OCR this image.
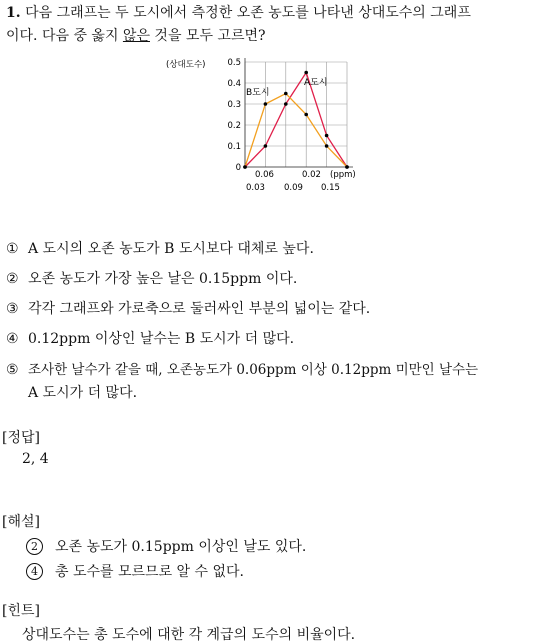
1. 다음 그래프는 두 도시에서 측정한 오존 농도를 나타낸 상대도수의 그래프
이다. 다음 중 옳지 않은 것을 모두 고르면?
(상대도수)
0
0.1
0.2
0.3
0.4
0.5
(ppm)
0.06	0.02
0.03 0.09 0.15
A도시
B도시
① A 도시의 오존 농도가 B 도시보다 대체로 높다.
② 오존 농도가 가장 높은 날은 0.15ppm 이다.
③ 각각 그래프와 가로축으로 둘러싸인 부분의 넓이는 같다.
④ 0.12ppm 이상인 날수는 B 도시가 더 많다.
⑤ 조사한 날수가 같을 때, 오존농도가 0.06ppm 이상 0.12ppm 미만인 날수는
A 도시가 더 많다.
[정답]
2, 4
[해설]
2 오존 농도가 0.15ppm 이상인 날도 있다.
4 총 도수를 모르므로 알 수 없다.
[힌트]
상대도수는 총 도수에 대한 각 계급의 도수의 비율이다.
